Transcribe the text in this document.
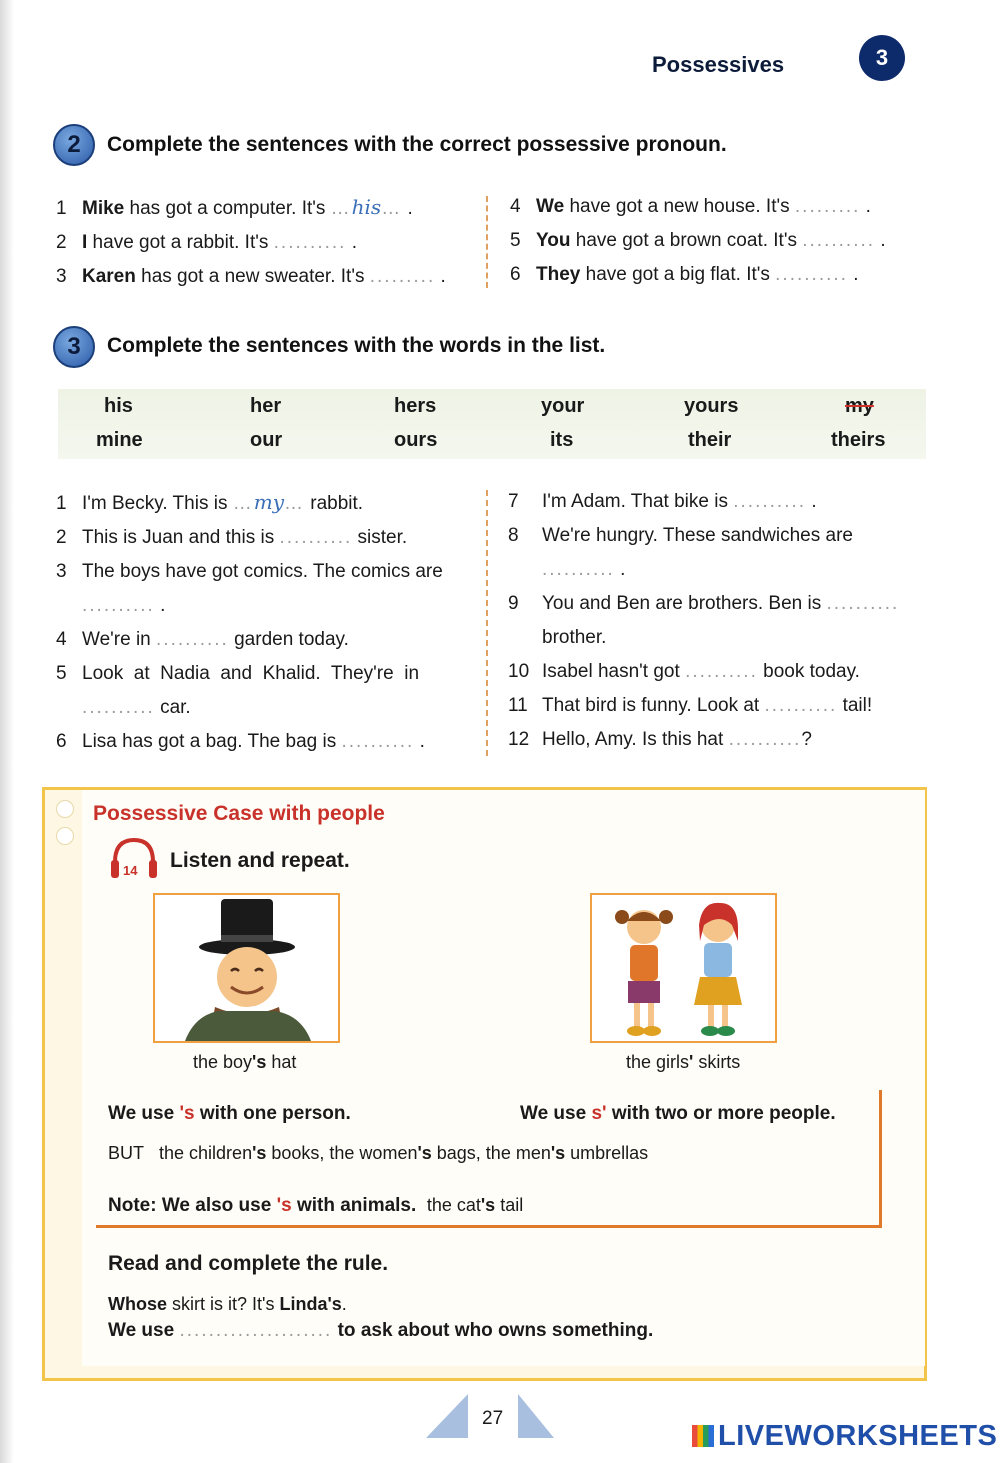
Possessives	3
2	Complete the sentences with the correct possessive pronoun.
1 Mike has got a computer. It's …his… .
2 I have got a rabbit. It's .......... .
3 Karen has got a new sweater. It's ......... .
4 We have got a new house. It's ......... .
5 You have got a brown coat. It's .......... .
6 They have got a big flat. It's .......... .
3	Complete the sentences with the words in the list.
his	her	hers	your	yours	my
mine	our	ours	its	their	theirs
1 I'm Becky. This is …my… rabbit.
2 This is Juan and this is .......... sister.
3 The boys have got comics. The comics are
.......... .
4 We're in .......... garden today.
5 Look  at  Nadia  and  Khalid.  They're  in
.......... car.
6 Lisa has got a bag. The bag is .......... .
7 I'm Adam. That bike is .......... .
8 We're hungry. These sandwiches are
.......... .
9 You and Ben are brothers. Ben is ..........
brother.
10 Isabel hasn't got .......... book today.
11 That bird is funny. Look at .......... tail!
12 Hello, Amy. Is this hat ..........?
Possessive Case with people
14 Listen and repeat.
the boy's hat	the girls' skirts
We use 's with one person.	We use s' with two or more people.
BUT the children's books, the women's bags, the men's umbrellas
Note: We also use 's with animals. the cat's tail
Read and complete the rule.
Whose skirt is it? It's Linda's.
We use ..................... to ask about who owns something.
27
LIVEWORKSHEETS
